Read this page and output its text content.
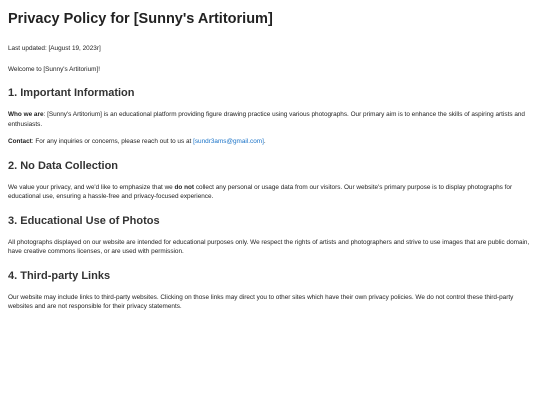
Privacy Policy for [Sunny's Artitorium]

Last updated: [August 19, 2023r]

Welcome to [Sunny's Artitorium]!

1. Important Information

Who we are: [Sunny's Artitorium] is an educational platform providing figure drawing practice using various photographs. Our primary aim is to enhance the skills of aspiring artists and enthusiasts.

Contact: For any inquiries or concerns, please reach out to us at [sundr3ams@gmail.com].

2. No Data Collection

We value your privacy, and we'd like to emphasize that we do not collect any personal or usage data from our visitors. Our website's primary purpose is to display photographs for educational use, ensuring a hassle-free and privacy-focused experience.

3. Educational Use of Photos

All photographs displayed on our website are intended for educational purposes only. We respect the rights of artists and photographers and strive to use images that are public domain, have creative commons licenses, or are used with permission.

4. Third-party Links

Our website may include links to third-party websites. Clicking on those links may direct you to other sites which have their own privacy policies. We do not control these third-party websites and are not responsible for their privacy statements.
